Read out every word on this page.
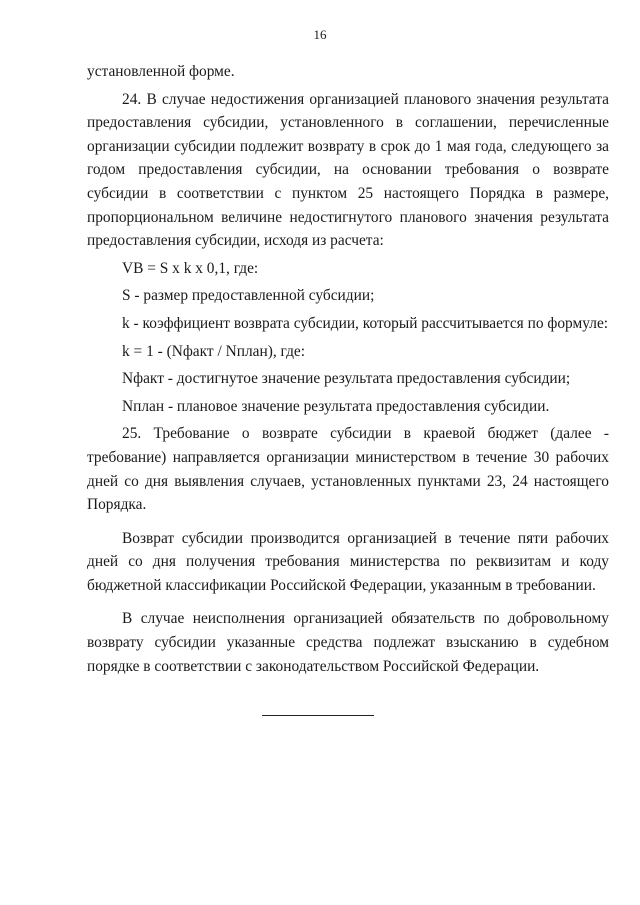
16

установленной форме.

24. В случае недостижения организацией планового значения результата предоставления субсидии, установленного в соглашении, перечисленные организации субсидии подлежит возврату в срок до 1 мая года, следующего за годом предоставления субсидии, на основании требования о возврате субсидии в соответствии с пунктом 25 настоящего Порядка в размере, пропорциональном величине недостигнутого планового значения результата предоставления субсидии, исходя из расчета:

VB = S x k x 0,1, где:

S - размер предоставленной субсидии;

k - коэффициент возврата субсидии, который рассчитывается по формуле:

k = 1 - (Nфакт / Nплан), где:

Nфакт - достигнутое значение результата предоставления субсидии;

Nплан - плановое значение результата предоставления субсидии.

25. Требование о возврате субсидии в краевой бюджет (далее - требование) направляется организации министерством в течение 30 рабочих дней со дня выявления случаев, установленных пунктами 23, 24 настоящего Порядка.

Возврат субсидии производится организацией в течение пяти рабочих дней со дня получения требования министерства по реквизитам и коду бюджетной классификации Российской Федерации, указанным в требовании.

В случае неисполнения организацией обязательств по добровольному возврату субсидии указанные средства подлежат взысканию в судебном порядке в соответствии с законодательством Российской Федерации.
